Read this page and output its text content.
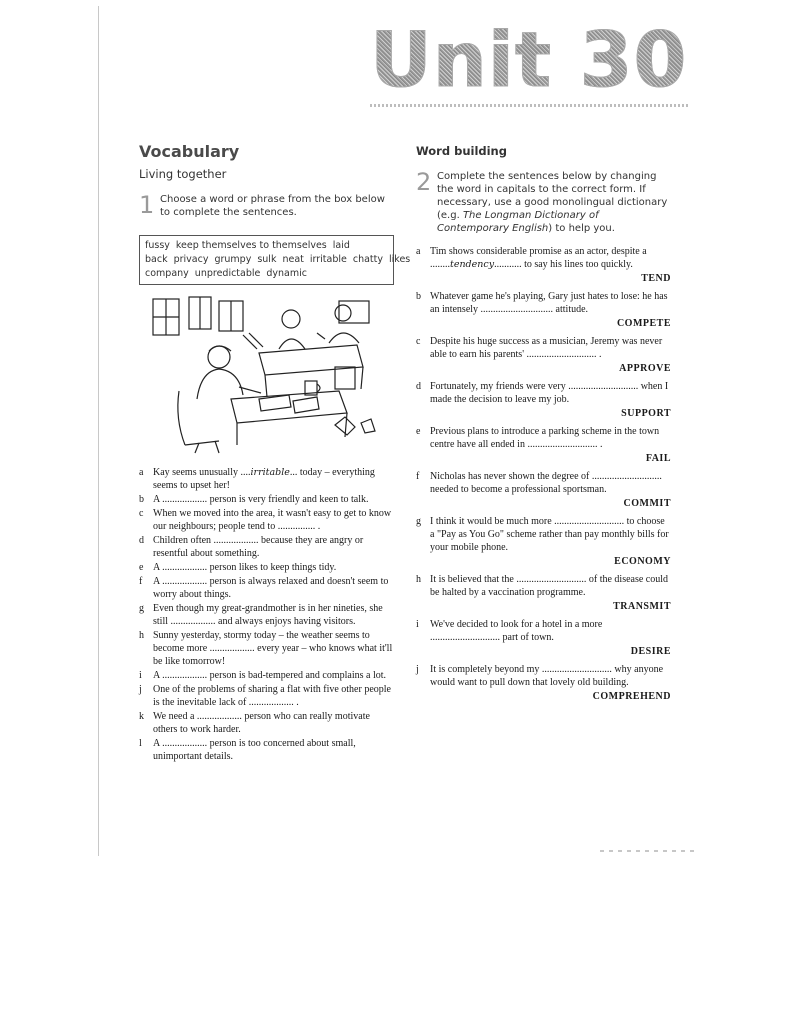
Unit 30
Vocabulary
Living together
1 Choose a word or phrase from the box below to complete the sentences.
fussy keep themselves to themselves laid back privacy grumpy sulk neat irritable chatty likes company unpredictable dynamic
a Kay seems unusually ....irritable... today – everything seems to upset her!
b A .................. person is very friendly and keen to talk.
c When we moved into the area, it wasn't easy to get to know our neighbours; people tend to ............... .
d Children often .................. because they are angry or resentful about something.
e A .................. person likes to keep things tidy.
f	A .................. person is always relaxed and doesn't seem to worry about things.
g Even though my great-grandmother is in her nineties, she still .................. and always enjoys having visitors.
h Sunny yesterday, stormy today – the weather seems to become more .................. every year – who knows what it'll be like tomorrow!
i	A .................. person is bad-tempered and complains a lot.
j	One of the problems of sharing a flat with five other people is the inevitable lack of .................. .
k We need a .................. person who can really motivate others to work harder.
l	A .................. person is too concerned about small, unimportant details.
Word building
2 Complete the sentences below by changing the word in capitals to the correct form. If necessary, use a good monolingual dictionary (e.g. The Longman Dictionary of Contemporary English) to help you.
a Tim shows considerable promise as an actor, despite a ........tendency........... to say his lines too quickly.
TEND
b Whatever game he's playing, Gary just hates to lose: he has an intensely ............................. attitude.
COMPETE
c Despite his huge success as a musician, Jeremy was never able to earn his parents' ............................ .
APPROVE
d Fortunately, my friends were very ............................ when I made the decision to leave my job.
SUPPORT
e Previous plans to introduce a parking scheme in the town centre have all ended in ............................ .
FAIL
f	Nicholas has never shown the degree of ............................ needed to become a professional sportsman.
COMMIT
g I think it would be much more ............................ to choose a "Pay as You Go" scheme rather than pay monthly bills for your mobile phone.
ECONOMY
h It is believed that the ............................ of the disease could be halted by a vaccination programme.
TRANSMIT
i	We've decided to look for a hotel in a more ............................ part of town.
DESIRE
j	It is completely beyond my ............................ why anyone would want to pull down that lovely old building.
COMPREHEND
